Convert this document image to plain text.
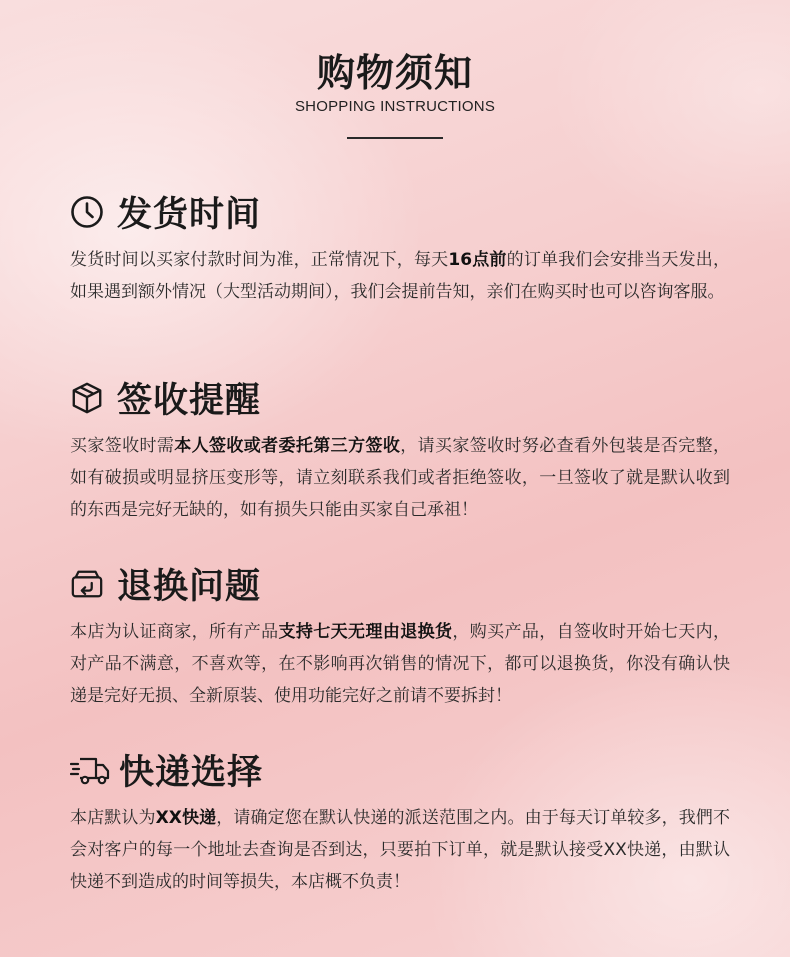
购物须知
SHOPPING INSTRUCTIONS
发货时间
发货时间以买家付款时间为准，正常情况下，每天16点前的订单我们会安排当天发出，如果遇到额外情况（大型活动期间），我们会提前告知，亲们在购买时也可以咨询客服。
签收提醒
买家签收时需本人签收或者委托第三方签收，请买家签收时努必查看外包装是否完整，如有破损或明显挤压变形等，请立刻联系我们或者拒绝签收，一旦签收了就是默认收到的东西是完好无缺的，如有损失只能由买家自己承祖！
退换问题
本店为认证商家，所有产品支持七天无理由退换货，购买产品，自签收时开始七天内，对产品不满意，不喜欢等，在不影响再次销售的情况下，都可以退换货，你没有确认快递是完好无损、全新原装、使用功能完好之前请不要拆封！
快递选择
本店默认为XX快递，请确定您在默认快递的派送范围之内。由于每天订单较多，我們不会对客户的每一个地址去查询是否到达，只要拍下订单，就是默认接受XX快递，由默认快递不到造成的时间等损失，本店概不负责！
